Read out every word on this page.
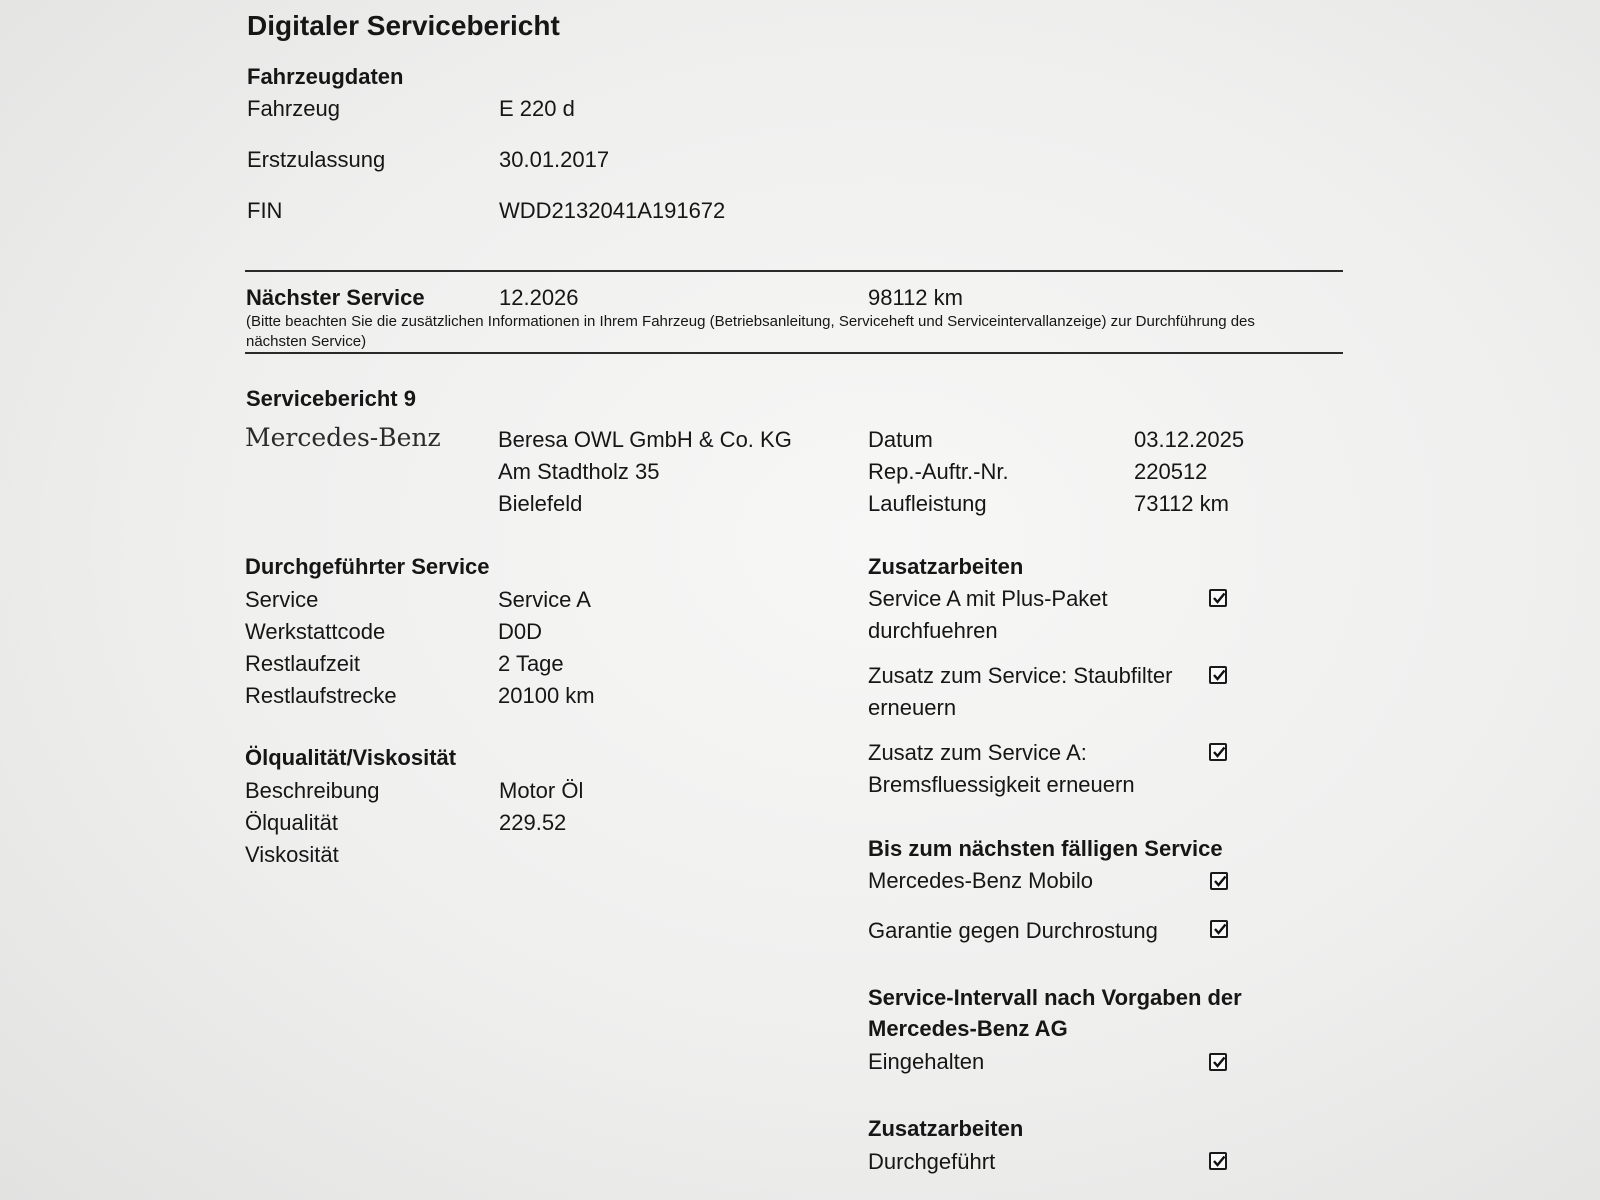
Digitaler Servicebericht
Fahrzeugdaten
Fahrzeug	E 220 d
Erstzulassung	30.01.2017
FIN	WDD2132041A191672
Nächster Service	12.2026	98112 km
(Bitte beachten Sie die zusätzlichen Informationen in Ihrem Fahrzeug (Betriebsanleitung, Serviceheft und Serviceintervallanzeige) zur Durchführung des nächsten Service)
Servicebericht 9
Mercedes-Benz	Beresa OWL GmbH & Co. KG
Am Stadtholz 35
Bielefeld
Datum	03.12.2025
Rep.-Auftr.-Nr.	220512
Laufleistung	73112 km
Durchgeführter Service
Service	Service A
Werkstattcode	D0D
Restlaufzeit	2 Tage
Restlaufstrecke	20100 km
Ölqualität/Viskosität
Beschreibung	Motor Öl
Ölqualität	229.52
Viskosität
Zusatzarbeiten
Service A mit Plus-Paket
durchfuehren
Zusatz zum Service: Staubfilter
erneuern
Zusatz zum Service A:
Bremsfluessigkeit erneuern
Bis zum nächsten fälligen Service
Mercedes-Benz Mobilo
Garantie gegen Durchrostung
Service-Intervall nach Vorgaben der
Mercedes-Benz AG
Eingehalten
Zusatzarbeiten
Durchgeführt
